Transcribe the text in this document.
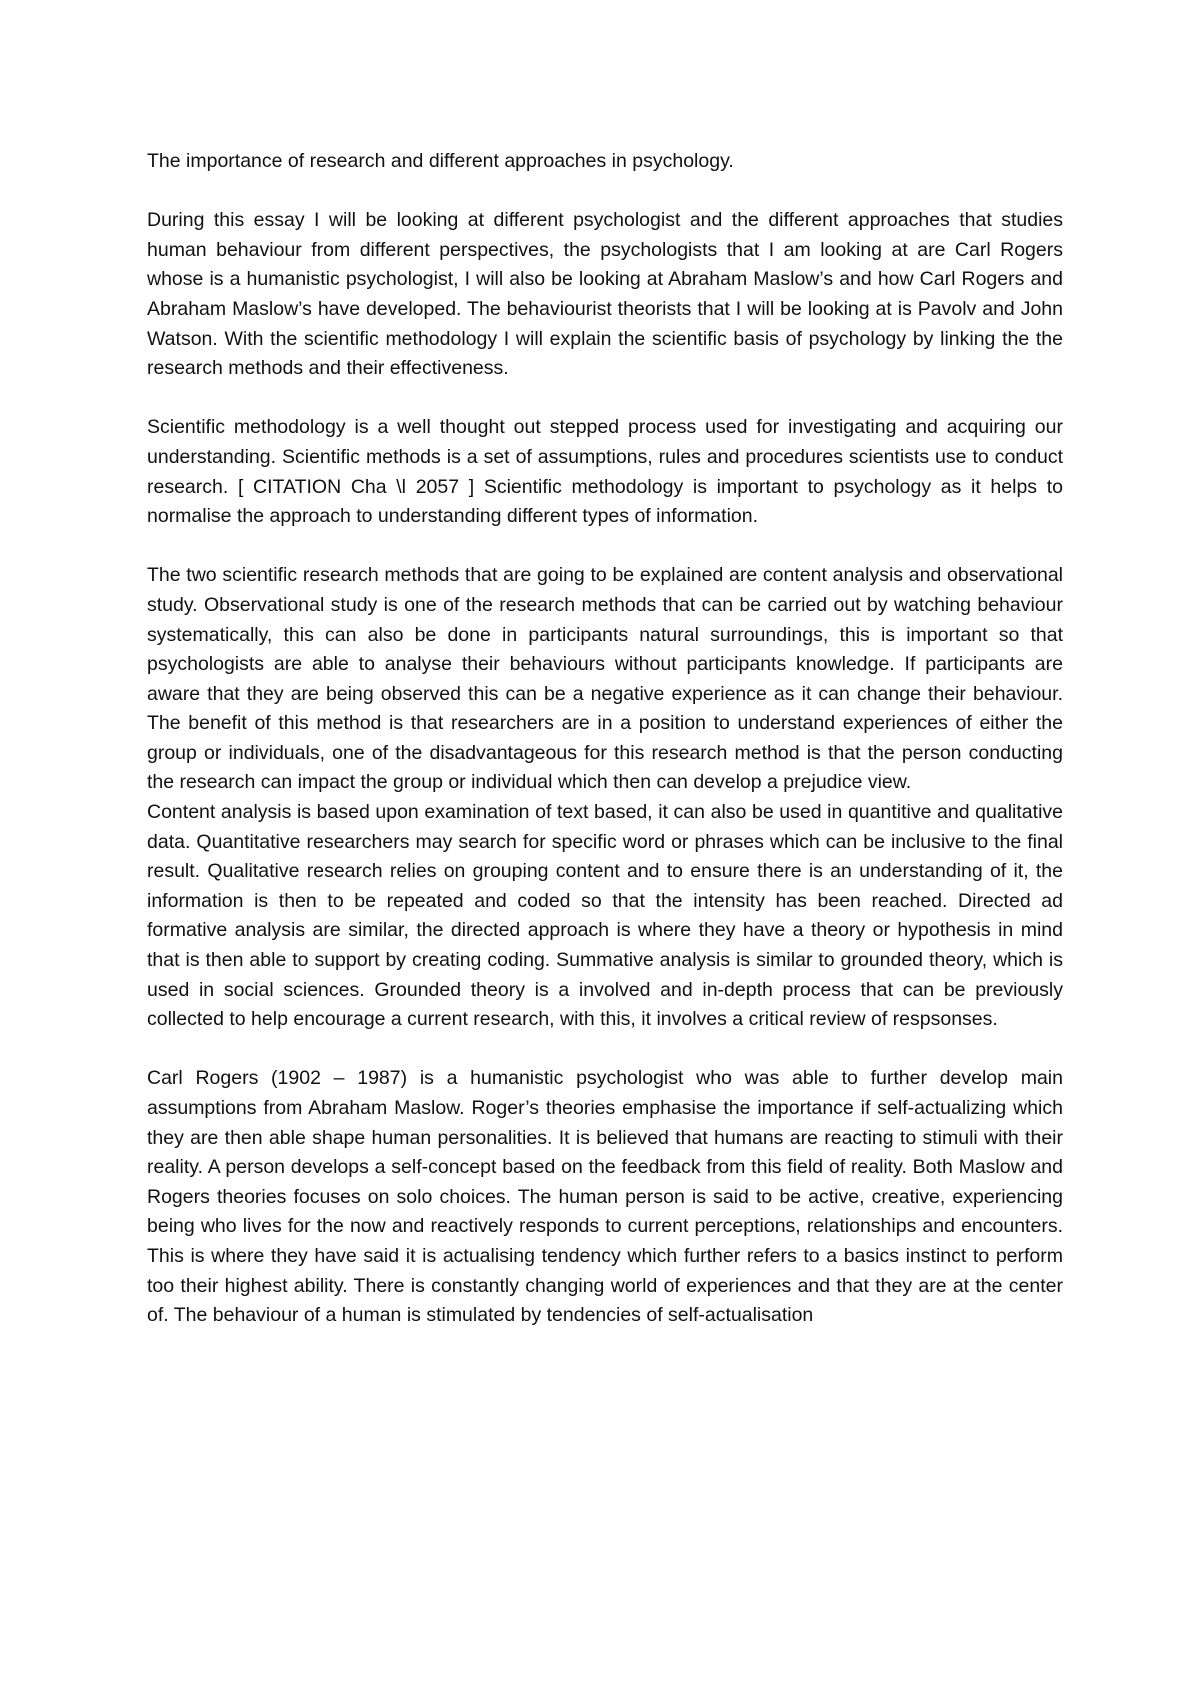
The importance of research and different approaches in psychology.

During this essay I will be looking at different psychologist and the different approaches that studies human behaviour from different perspectives, the psychologists that I am looking at are Carl Rogers whose is a humanistic psychologist, I will also be looking at Abraham Maslow’s and how Carl Rogers and Abraham Maslow’s have developed. The behaviourist theorists that I will be looking at is Pavolv and John Watson. With the scientific methodology I will explain the scientific basis of psychology by linking the the research methods and their effectiveness.

Scientific methodology is a well thought out stepped process used for investigating and acquiring our understanding. Scientific methods is a set of assumptions, rules and procedures scientists use to conduct research. [ CITATION Cha \l 2057 ] Scientific methodology is important to psychology as it helps to normalise the approach to understanding different types of information.

The two scientific research methods that are going to be explained are content analysis and observational study. Observational study is one of the research methods that can be carried out by watching behaviour systematically, this can also be done in participants natural surroundings, this is important so that psychologists are able to analyse their behaviours without participants knowledge. If participants are aware that they are being observed this can be a negative experience as it can change their behaviour. The benefit of this method is that researchers are in a position to understand experiences of either the group or individuals, one of the disadvantageous for this research method is that the person conducting the research can impact the group or individual which then can develop a prejudice view.

Content analysis is based upon examination of text based, it can also be used in quantitive and qualitative data. Quantitative researchers may search for specific word or phrases which can be inclusive to the final result. Qualitative research relies on grouping content and to ensure there is an understanding of it, the information is then to be repeated and coded so that the intensity has been reached. Directed ad formative analysis are similar, the directed approach is where they have a theory or hypothesis in mind that is then able to support by creating coding. Summative analysis is similar to grounded theory, which is used in social sciences. Grounded theory is a involved and in-depth process that can be previously collected to help encourage a current research, with this, it involves a critical review of respsonses.

Carl Rogers (1902 – 1987) is a humanistic psychologist who was able to further develop main assumptions from Abraham Maslow. Roger’s theories emphasise the importance if self-actualizing which they are then able shape human personalities. It is believed that humans are reacting to stimuli with their reality. A person develops a self-concept based on the feedback from this field of reality. Both Maslow and Rogers theories focuses on solo choices. The human person is said to be active, creative, experiencing being who lives for the now and reactively responds to current perceptions, relationships and encounters. This is where they have said it is actualising tendency which further refers to a basics instinct to perform too their highest ability. There is constantly changing world of experiences and that they are at the center of. The behaviour of a human is stimulated by tendencies of self-actualisation
